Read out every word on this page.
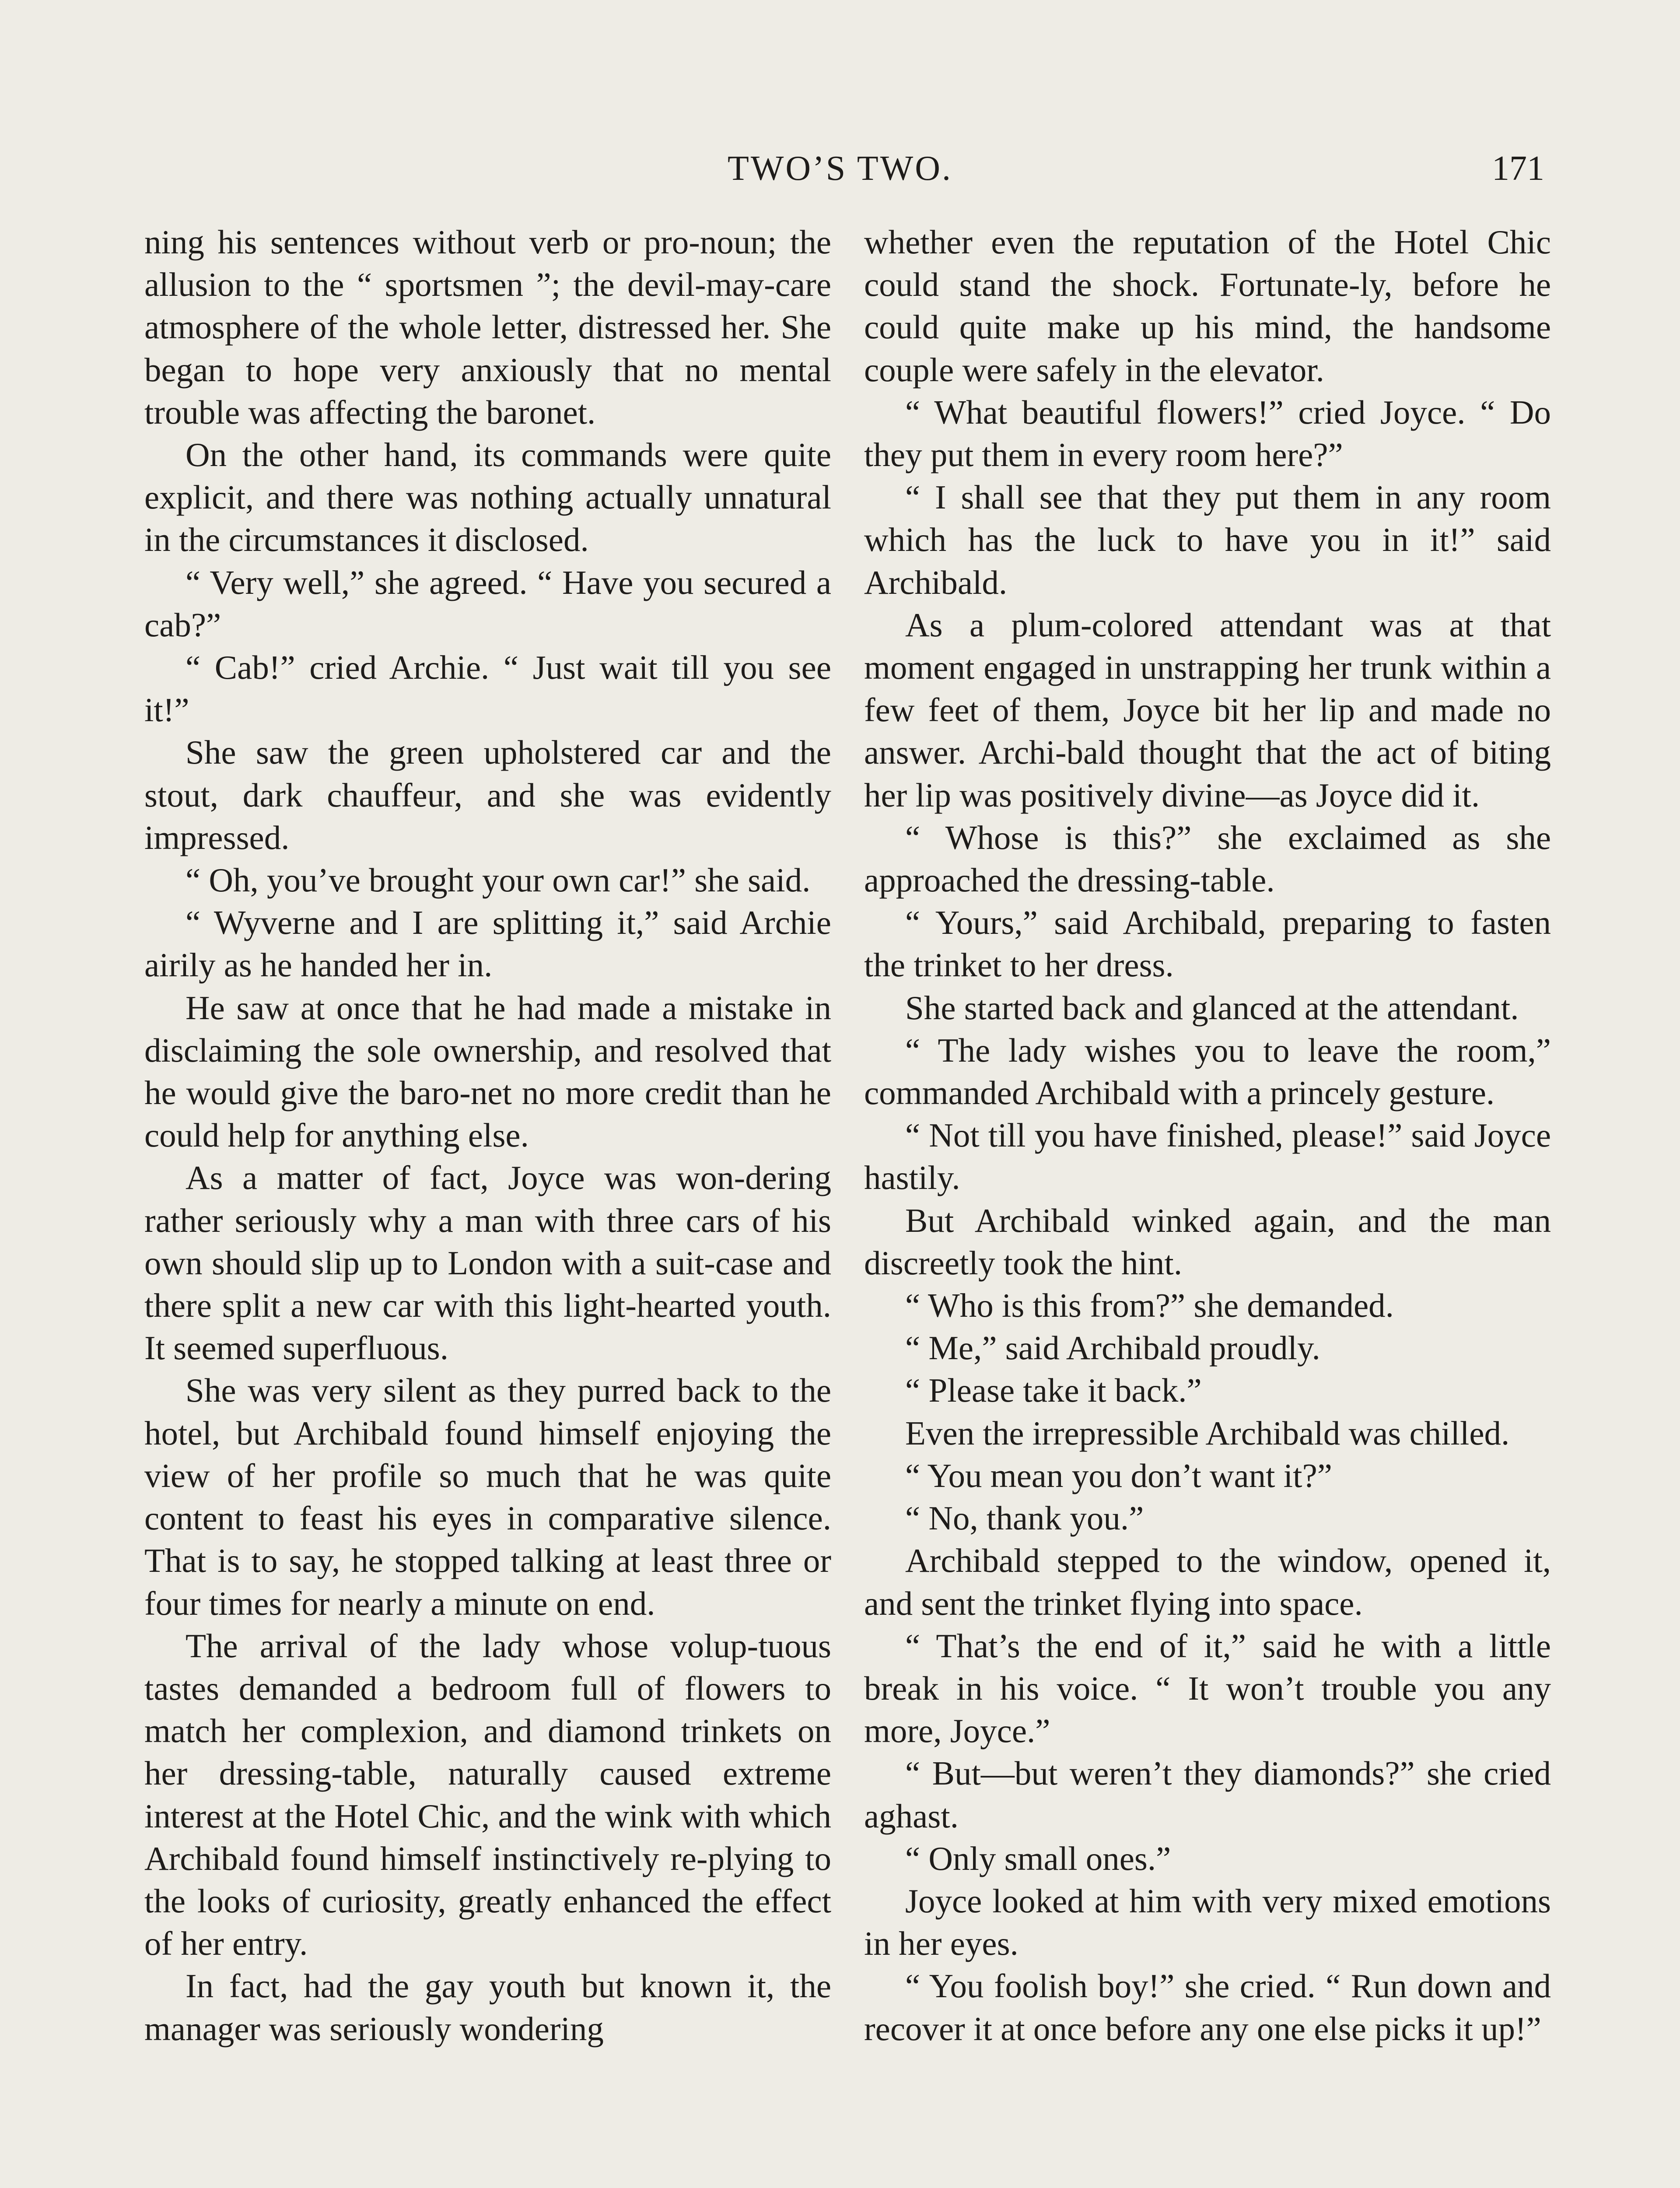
TWO’S TWO.	171

ning his sentences without verb or pro-noun; the allusion to the “ sportsmen ”; the devil-may-care atmosphere of the whole letter, distressed her. She began to hope very anxiously that no mental trouble was affecting the baronet.

On the other hand, its commands were quite explicit, and there was nothing actually unnatural in the circumstances it disclosed.

“ Very well,” she agreed. “ Have you secured a cab?”

“ Cab!” cried Archie. “ Just wait till you see it!”

She saw the green upholstered car and the stout, dark chauffeur, and she was evidently impressed.

“ Oh, you’ve brought your own car!” she said.

“ Wyverne and I are splitting it,” said Archie airily as he handed her in.

He saw at once that he had made a mistake in disclaiming the sole ownership, and resolved that he would give the baro-net no more credit than he could help for anything else.

As a matter of fact, Joyce was won-dering rather seriously why a man with three cars of his own should slip up to London with a suit-case and there split a new car with this light-hearted youth. It seemed superfluous.

She was very silent as they purred back to the hotel, but Archibald found himself enjoying the view of her profile so much that he was quite content to feast his eyes in comparative silence. That is to say, he stopped talking at least three or four times for nearly a minute on end.

The arrival of the lady whose volup-tuous tastes demanded a bedroom full of flowers to match her complexion, and diamond trinkets on her dressing-table, naturally caused extreme interest at the Hotel Chic, and the wink with which Archibald found himself instinctively re-plying to the looks of curiosity, greatly enhanced the effect of her entry.

In fact, had the gay youth but known it, the manager was seriously wondering

whether even the reputation of the Hotel Chic could stand the shock. Fortunate-ly, before he could quite make up his mind, the handsome couple were safely in the elevator.

“ What beautiful flowers!” cried Joyce. “ Do they put them in every room here?”

“ I shall see that they put them in any room which has the luck to have you in it!” said Archibald.

As a plum-colored attendant was at that moment engaged in unstrapping her trunk within a few feet of them, Joyce bit her lip and made no answer. Archi-bald thought that the act of biting her lip was positively divine—as Joyce did it.

“ Whose is this?” she exclaimed as she approached the dressing-table.

“ Yours,” said Archibald, preparing to fasten the trinket to her dress.

She started back and glanced at the attendant.

“ The lady wishes you to leave the room,” commanded Archibald with a princely gesture.

“ Not till you have finished, please!” said Joyce hastily.

But Archibald winked again, and the man discreetly took the hint.

“ Who is this from?” she demanded.

“ Me,” said Archibald proudly.

“ Please take it back.”

Even the irrepressible Archibald was chilled.

“ You mean you don’t want it?”

“ No, thank you.”

Archibald stepped to the window, opened it, and sent the trinket flying into space.

“ That’s the end of it,” said he with a little break in his voice. “ It won’t trouble you any more, Joyce.”

“ But—but weren’t they diamonds?” she cried aghast.

“ Only small ones.”

Joyce looked at him with very mixed emotions in her eyes.

“ You foolish boy!” she cried. “ Run down and recover it at once before any one else picks it up!”
